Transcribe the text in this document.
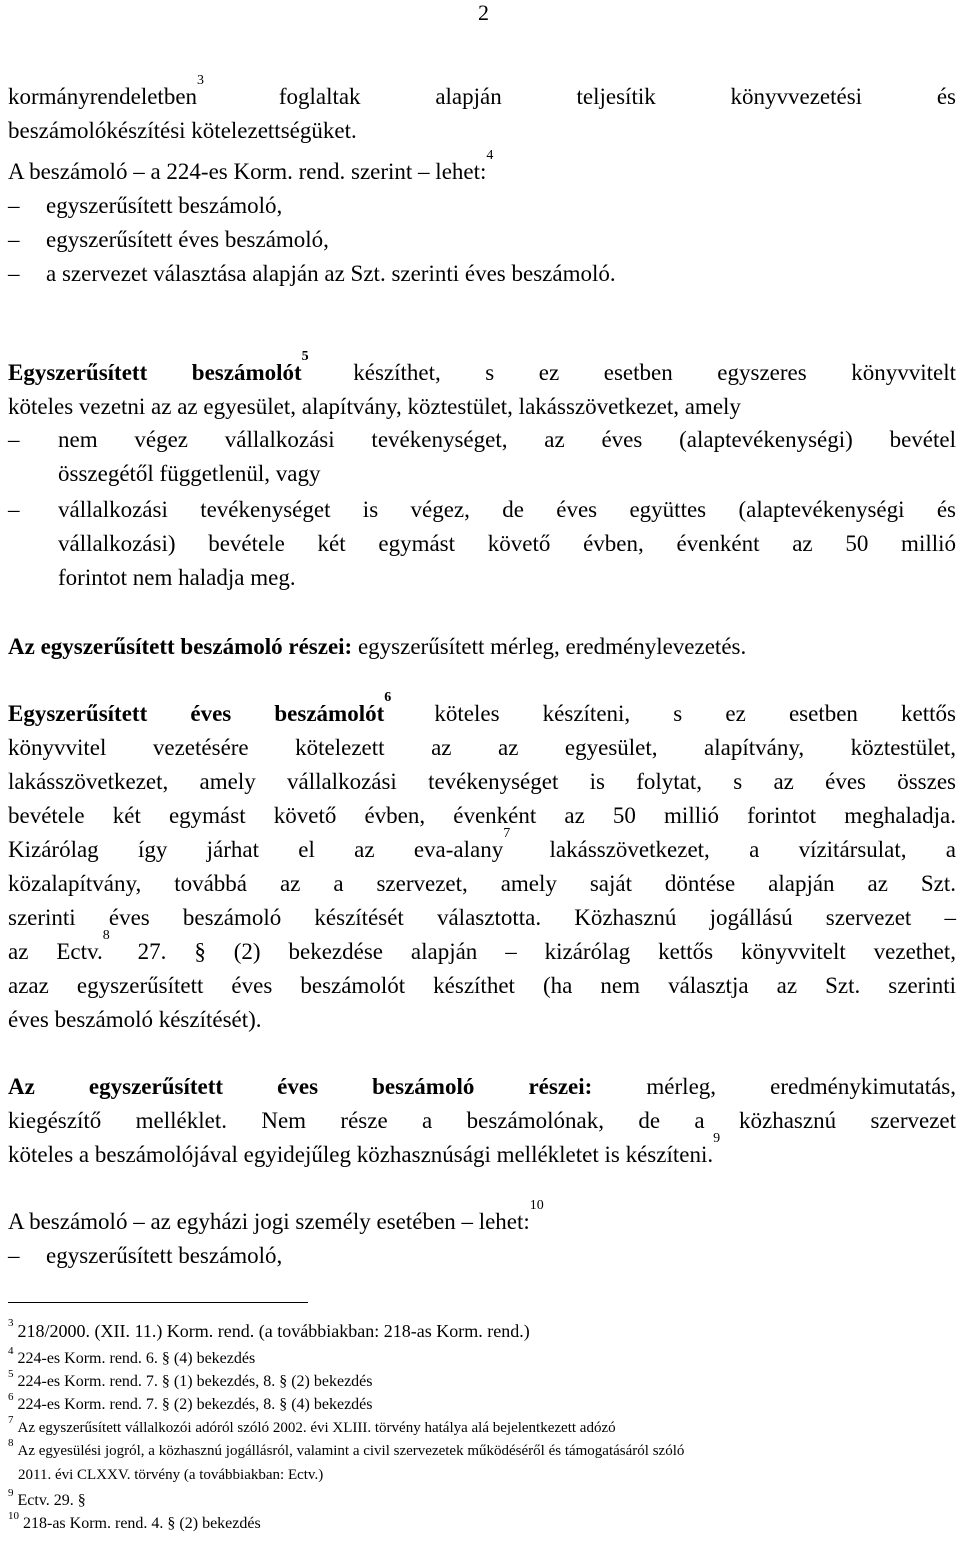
2
kormányrendeletben$^3$ foglaltak alapján teljesítik könyvvezetési és
beszámolókészítési kötelezettségüket.
A beszámoló – a 224-es Korm. rend. szerint – lehet:$^4$
– egyszerűsített beszámoló,
– egyszerűsített éves beszámoló,
– a szervezet választása alapján az Szt. szerinti éves beszámoló.
Egyszerűsített beszámolót$^5$ készíthet, s ez esetben egyszeres könyvvitelt
köteles vezetni az az egyesület, alapítvány, köztestület, lakásszövetkezet, amely
– nem végez vállalkozási tevékenységet, az éves (alaptevékenységi) bevétel
összegétől függetlenül, vagy
– vállalkozási tevékenységet is végez, de éves együttes (alaptevékenységi és
vállalkozási) bevétele két egymást követő évben, évenként az 50 millió
forintot nem haladja meg.
Az egyszerűsített beszámoló részei: egyszerűsített mérleg, eredménylevezetés.
Egyszerűsített éves beszámolót$^6$ köteles készíteni, s ez esetben kettős
könyvvitel vezetésére kötelezett az az egyesület, alapítvány, köztestület,
lakásszövetkezet, amely vállalkozási tevékenységet is folytat, s az éves összes
bevétele két egymást követő évben, évenként az 50 millió forintot meghaladja.
Kizárólag így járhat el az eva-alany$^7$ lakásszövetkezet, a vízitársulat, a
közalapítvány, továbbá az a szervezet, amely saját döntése alapján az Szt.
szerinti éves beszámoló készítését választotta. Közhasznú jogállású szervezet –
az Ectv.$^8$ 27. § (2) bekezdése alapján – kizárólag kettős könyvvitelt vezethet,
azaz egyszerűsített éves beszámolót készíthet (ha nem választja az Szt. szerinti
éves beszámoló készítését).
Az egyszerűsített éves beszámoló részei: mérleg, eredménykimutatás,
kiegészítő melléklet. Nem része a beszámolónak, de a közhasznú szervezet
köteles a beszámolójával egyidejűleg közhasznúsági mellékletet is készíteni.$^9$
A beszámoló – az egyházi jogi személy esetében – lehet:$^{10}$
– egyszerűsített beszámoló,
$^3$ 218/2000. (XII. 11.) Korm. rend. (a továbbiakban: 218-as Korm. rend.)
$^4$ 224-es Korm. rend. 6. § (4) bekezdés
$^5$ 224-es Korm. rend. 7. § (1) bekezdés, 8. § (2) bekezdés
$^6$ 224-es Korm. rend. 7. § (2) bekezdés, 8. § (4) bekezdés
$^7$ Az egyszerűsített vállalkozói adóról szóló 2002. évi XLIII. törvény hatálya alá bejelentkezett adózó
$^8$ Az egyesülési jogról, a közhasznú jogállásról, valamint a civil szervezetek működéséről és támogatásáról szóló
2011. évi CLXXV. törvény (a továbbiakban: Ectv.)
$^9$ Ectv. 29. §
$^{10}$ 218-as Korm. rend. 4. § (2) bekezdés
